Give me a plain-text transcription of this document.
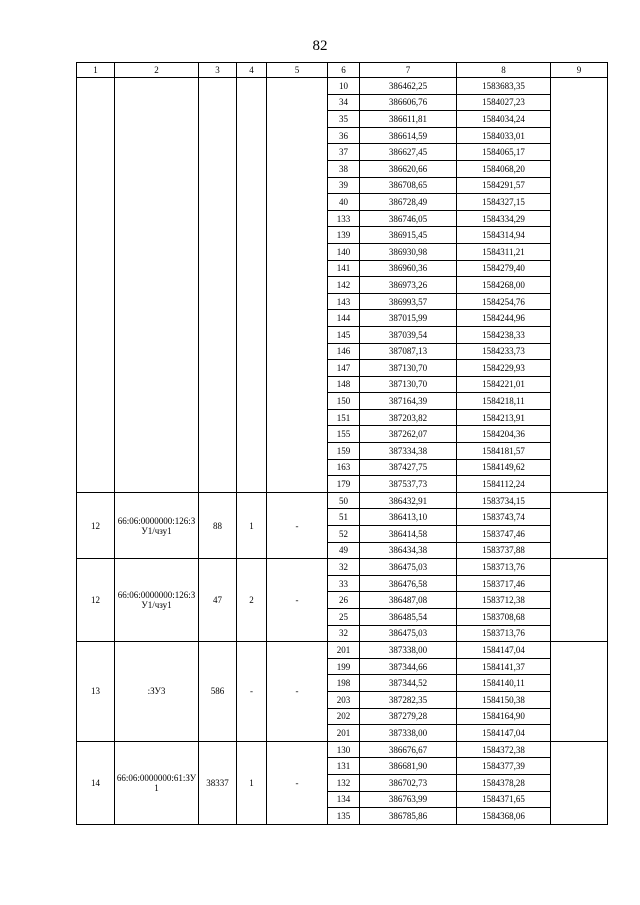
82
1	2	3	4	5	6	7	8	9
					10	386462,25	1583683,35	
					34	386606,76	1584027,23	
					35	386611,81	1584034,24	
					36	386614,59	1584033,01	
					37	386627,45	1584065,17	
					38	386620,66	1584068,20	
					39	386708,65	1584291,57	
					40	386728,49	1584327,15	
					133	386746,05	1584334,29	
					139	386915,45	1584314,94	
					140	386930,98	1584311,21	
					141	386960,36	1584279,40	
					142	386973,26	1584268,00	
					143	386993,57	1584254,76	
					144	387015,99	1584244,96	
					145	387039,54	1584238,33	
					146	387087,13	1584233,73	
					147	387130,70	1584229,93	
					148	387130,70	1584221,01	
					150	387164,39	1584218,11	
					151	387203,82	1584213,91	
					155	387262,07	1584204,36	
					159	387334,38	1584181,57	
					163	387427,75	1584149,62	
					179	387537,73	1584112,24	
12	66:06:0000000:126:ЗУ1/чзу1	88	1	-	50	386432,91	1583734,15	
					51	386413,10	1583743,74	
					52	386414,58	1583747,46	
					49	386434,38	1583737,88	
12	66:06:0000000:126:ЗУ1/чзу1	47	2	-	32	386475,03	1583713,76	
					33	386476,58	1583717,46	
					26	386487,08	1583712,38	
					25	386485,54	1583708,68	
					32	386475,03	1583713,76	
13	:ЗУ3	586	-	-	201	387338,00	1584147,04	
					199	387344,66	1584141,37	
					198	387344,52	1584140,11	
					203	387282,35	1584150,38	
					202	387279,28	1584164,90	
					201	387338,00	1584147,04	
14	66:06:0000000:61:ЗУ1	38337	1	-	130	386676,67	1584372,38	
					131	386681,90	1584377,39	
					132	386702,73	1584378,28	
					134	386763,99	1584371,65	
					135	386785,86	1584368,06	
